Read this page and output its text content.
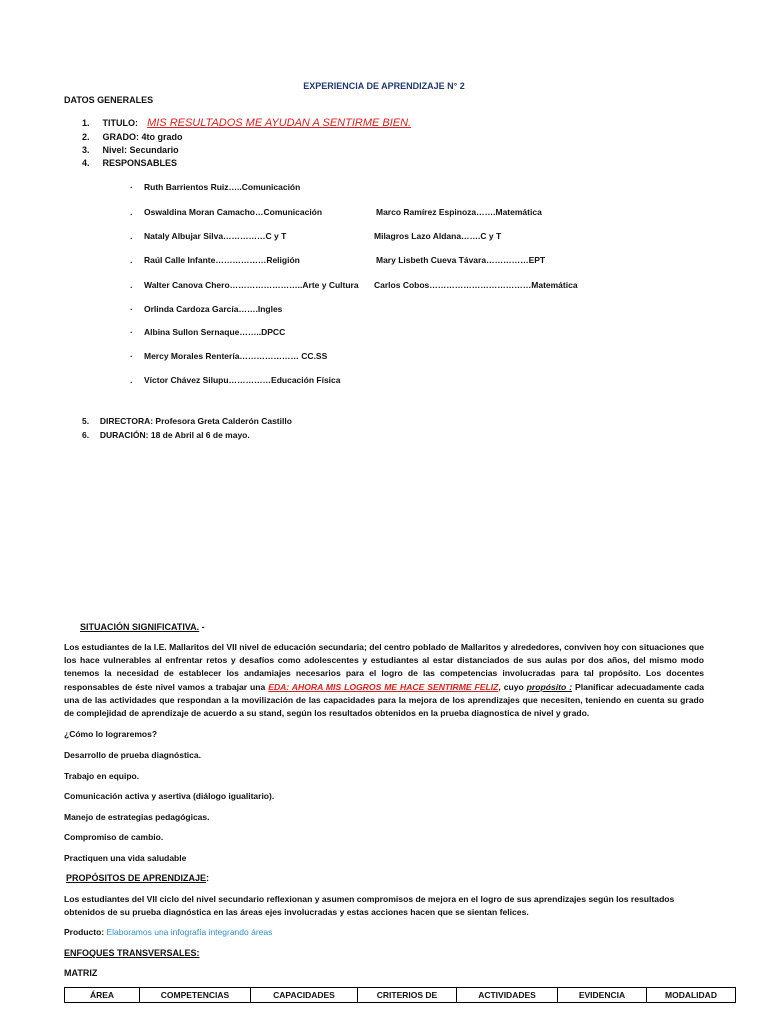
EXPERIENCIA DE APRENDIZAJE N° 2
DATOS GENERALES
1. TITULO: MIS RESULTADOS ME AYUDAN A SENTIRME BIEN.
2. GRADO: 4to grado
3. Nivel: Secundario
4. RESPONSABLES
· Ruth Barrientos Ruiz…..Comunicación
. Oswaldina Moran Camacho…Comunicación	Marco Ramírez Espinoza…….Matemática
. Nataly Albujar Silva……………C y T	Milagros Lazo Aldana…….C y T
. Raúl Calle Infante………………Religión	Mary Lisbeth Cueva Távara……………EPT
. Walter Canova Chero……………………..Arte y Cultura Carlos Cobos………………………………Matemática
· Orlinda Cardoza García…….Ingles
· Albina Sullon Sernaque……..DPCC
· Mercy Morales Rentería………………… CC.SS
. Víctor Chávez Silupu……………Educación Física
5. DIRECTORA: Profesora Greta Calderón Castillo
6. DURACIÓN: 18 de Abril al 6 de mayo.
SITUACIÓN SIGNIFICATIVA. -
Los estudiantes de la I.E. Mallaritos del VII nivel de educación secundaria; del centro poblado de Mallaritos y alrededores, conviven hoy con situaciones que los hace vulnerables al enfrentar retos y desafíos como adolescentes y estudiantes al estar distanciados de sus aulas por dos años, del mismo modo tenemos la necesidad de establecer los andamiajes necesarios para el logro de las competencias involucradas para tal propósito. Los docentes responsables de éste nivel vamos a trabajar una EDA: AHORA MIS LOGROS ME HACE SENTIRME FELIZ, cuyo propósito : Planificar adecuadamente cada una de las actividades que respondan a la movilización de las capacidades para la mejora de los aprendizajes que necesiten, teniendo en cuenta su grado de complejidad de aprendizaje de acuerdo a su stand, según los resultados obtenidos en la prueba diagnostica de nivel y grado.
¿Cómo lo lograremos?
Desarrollo de prueba diagnóstica.
Trabajo en equipo.
Comunicación activa y asertiva (diálogo igualitario).
Manejo de estrategias pedagógicas.
Compromiso de cambio.
Practiquen una vida saludable
PROPÓSITOS DE APRENDIZAJE:
Los estudiantes del VII ciclo del nivel secundario reflexionan y asumen compromisos de mejora en el logro de sus aprendizajes según los resultados obtenidos de su prueba diagnóstica en las áreas ejes involucradas y estas acciones hacen que se sientan felices.
Producto: Elaboramos una infografía integrando áreas
ENFOQUES TRANSVERSALES:
MATRIZ
ÁREA	COMPETENCIAS	CAPACIDADES	CRITERIOS DE	ACTIVIDADES	EVIDENCIA	MODALIDAD
